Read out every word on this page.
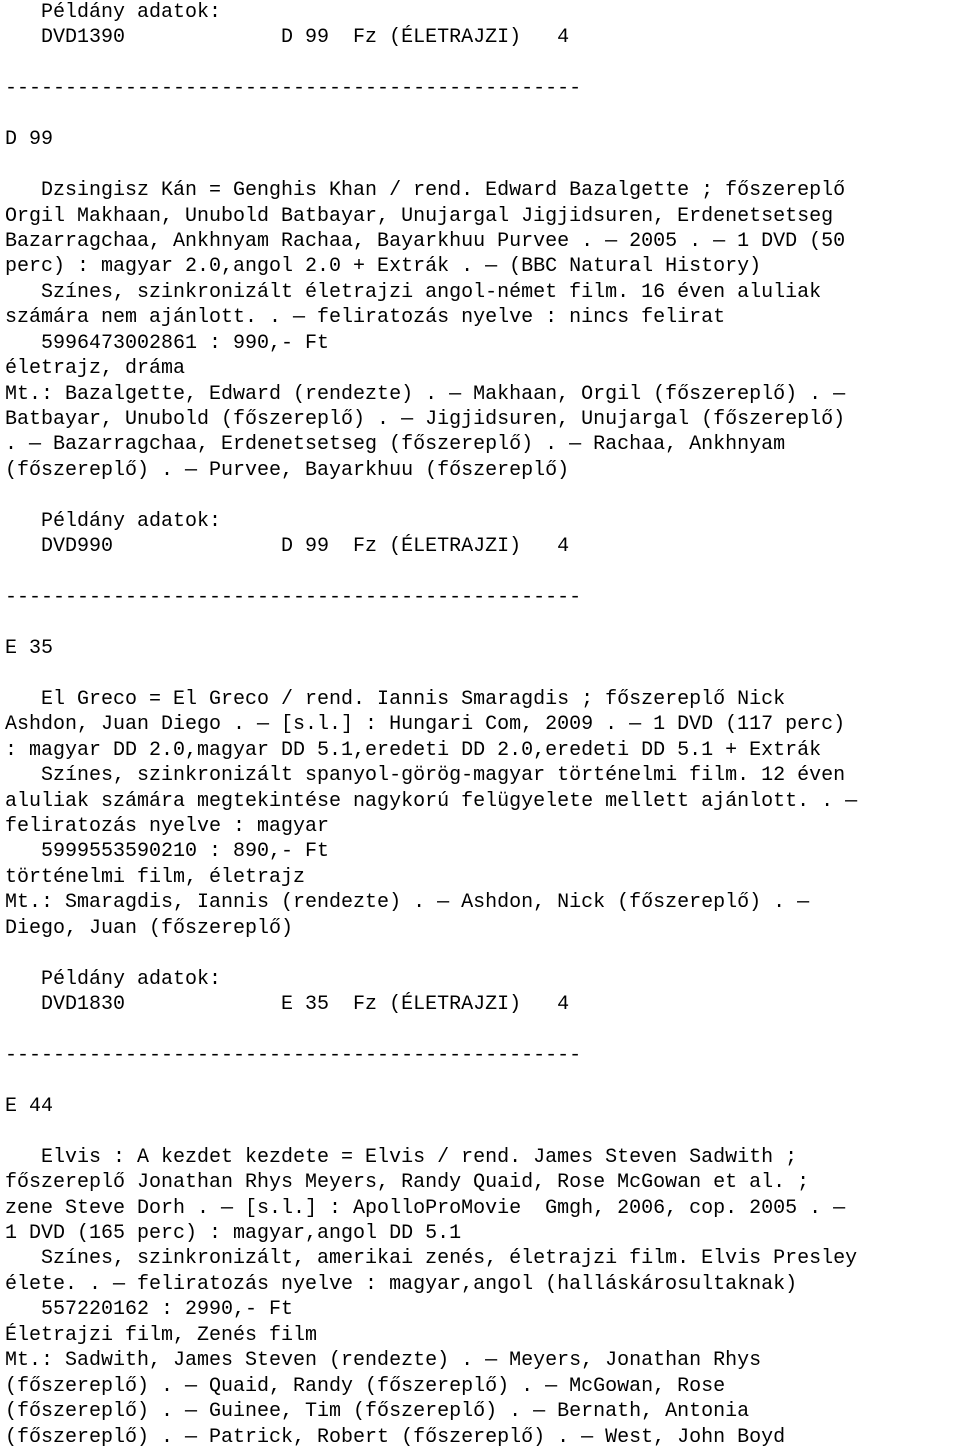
Példány adatok:
DVD1390             D 99  Fz (ÉLETRAJZI)   4
------------------------------------------------
D 99
Dzsingisz Kán = Genghis Khan / rend. Edward Bazalgette ; főszereplő
Orgil Makhaan, Unubold Batbayar, Unujargal Jigjidsuren, Erdenetsetseg
Bazarragchaa, Ankhnyam Rachaa, Bayarkhuu Purvee . — 2005 . — 1 DVD (50
perc) : magyar 2.0,angol 2.0 + Extrák . — (BBC Natural History)
Színes, szinkronizált életrajzi angol-német film. 16 éven aluliak
számára nem ajánlott. . — feliratozás nyelve : nincs felirat
5996473002861 : 990,- Ft
életrajz, dráma
Mt.: Bazalgette, Edward (rendezte) . — Makhaan, Orgil (főszereplő) . —
Batbayar, Unubold (főszereplő) . — Jigjidsuren, Unujargal (főszereplő)
. — Bazarragchaa, Erdenetsetseg (főszereplő) . — Rachaa, Ankhnyam
(főszereplő) . — Purvee, Bayarkhuu (főszereplő)
Példány adatok:
DVD990              D 99  Fz (ÉLETRAJZI)   4
------------------------------------------------
E 35
El Greco = El Greco / rend. Iannis Smaragdis ; főszereplő Nick
Ashdon, Juan Diego . — [s.l.] : Hungari Com, 2009 . — 1 DVD (117 perc)
: magyar DD 2.0,magyar DD 5.1,eredeti DD 2.0,eredeti DD 5.1 + Extrák
Színes, szinkronizált spanyol-görög-magyar történelmi film. 12 éven
aluliak számára megtekintése nagykorú felügyelete mellett ajánlott. . —
feliratozás nyelve : magyar
5999553590210 : 890,- Ft
történelmi film, életrajz
Mt.: Smaragdis, Iannis (rendezte) . — Ashdon, Nick (főszereplő) . —
Diego, Juan (főszereplő)
Példány adatok:
DVD1830             E 35  Fz (ÉLETRAJZI)   4
------------------------------------------------
E 44
Elvis : A kezdet kezdete = Elvis / rend. James Steven Sadwith ;
főszereplő Jonathan Rhys Meyers, Randy Quaid, Rose McGowan et al. ;
zene Steve Dorh . — [s.l.] : ApolloProMovie  Gmgh, 2006, cop. 2005 . —
1 DVD (165 perc) : magyar,angol DD 5.1
Színes, szinkronizált, amerikai zenés, életrajzi film. Elvis Presley
élete. . — feliratozás nyelve : magyar,angol (halláskárosultaknak)
557220162 : 2990,- Ft
Életrajzi film, Zenés film
Mt.: Sadwith, James Steven (rendezte) . — Meyers, Jonathan Rhys
(főszereplő) . — Quaid, Randy (főszereplő) . — McGowan, Rose
(főszereplő) . — Guinee, Tim (főszereplő) . — Bernath, Antonia
(főszereplő) . — Patrick, Robert (főszereplő) . — West, John Boyd
